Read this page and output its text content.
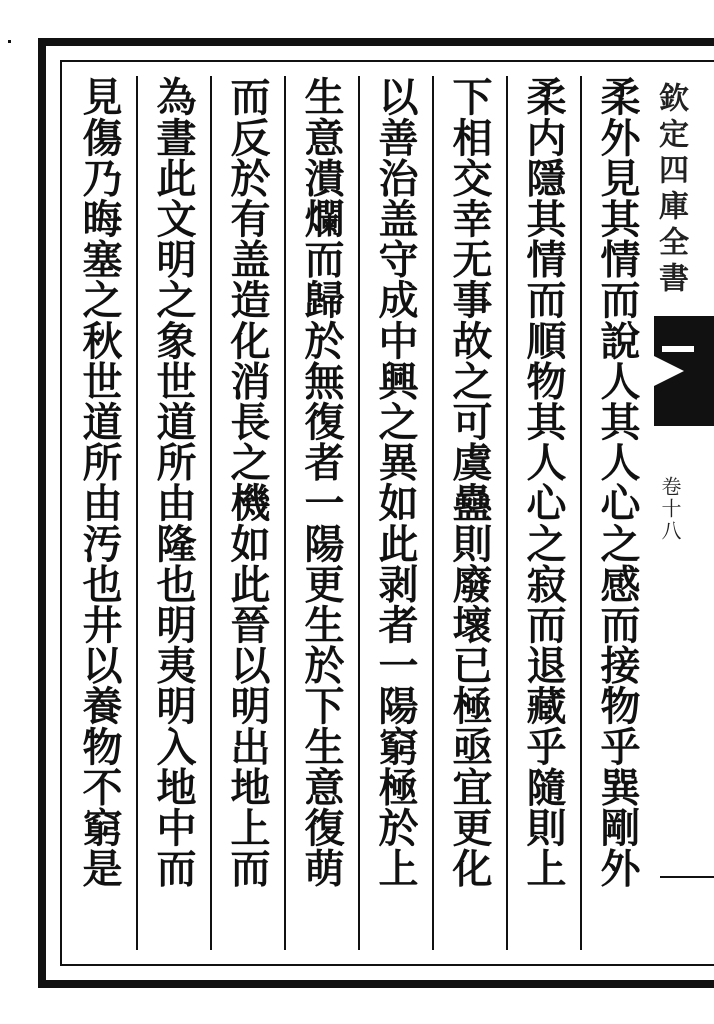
柔外見其情而說人其人心之感而接物乎巽剛外
柔内隱其情而順物其人心之寂而退藏乎隨則上
下相交幸无事故之可虞蠱則廢壞已極亟宜更化
以善治盖守成中興之異如此剥者一陽窮極於上
生意潰爛而歸於無復者一陽更生於下生意復萌
而反於有盖造化消長之機如此晉以明出地上而
為晝此文明之象世道所由隆也明夷明入地中而
見傷乃晦塞之秋世道所由汚也井以養物不窮是	欽定四庫全書
卷十八
